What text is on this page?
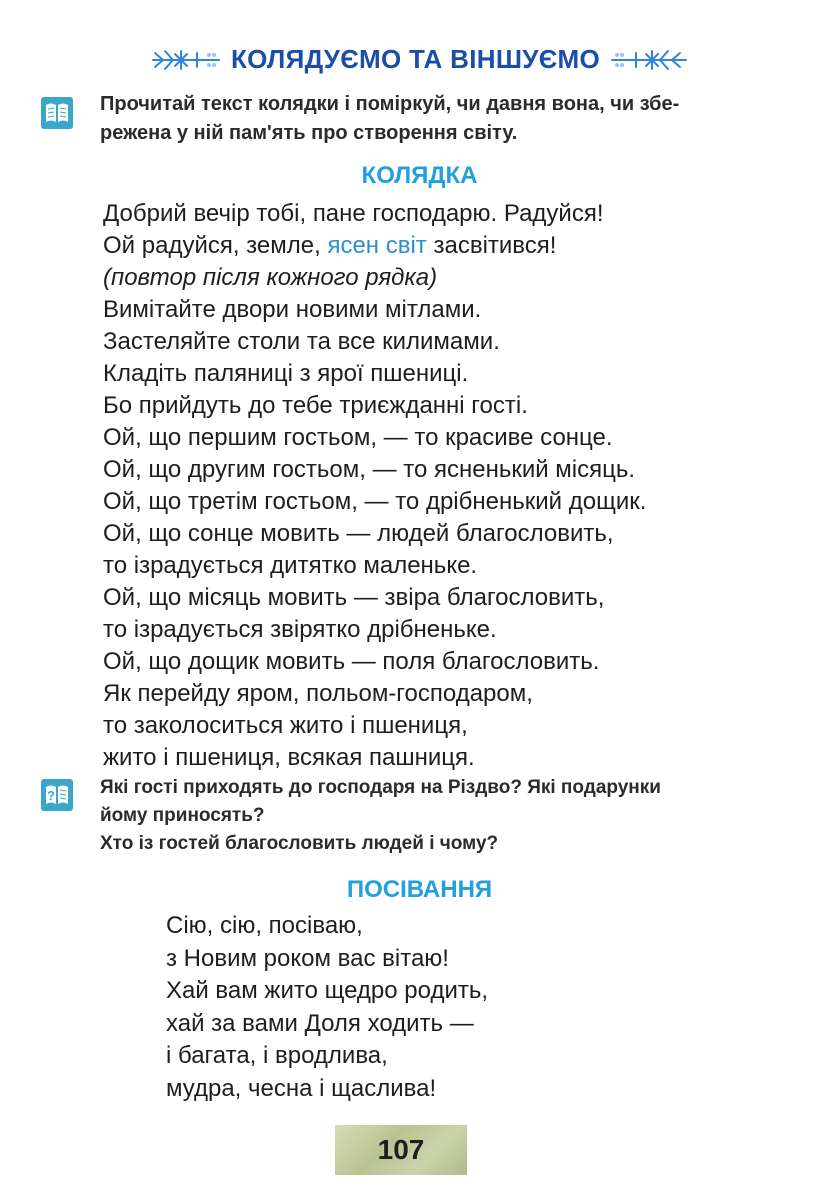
КОЛЯДУЄМО ТА ВІНШУЄМО
Прочитай текст колядки і поміркуй, чи давня вона, чи збе-
режена у ній пам'ять про створення світу.
КОЛЯДКА
Добрий вечір тобі, пане господарю. Радуйся!
Ой радуйся, земле, ясен світ засвітився!
(повтор після кожного рядка)
Вимітайте двори новими мітлами.
Застеляйте столи та все килимами.
Кладіть паляниці з ярої пшениці.
Бо прийдуть до тебе триєжданні гості.
Ой, що першим гостьом, — то красиве сонце.
Ой, що другим гостьом, — то ясненький місяць.
Ой, що третім гостьом, — то дрібненький дощик.
Ой, що сонце мовить — людей благословить,
то ізрадується дитятко маленьке.
Ой, що місяць мовить — звіра благословить,
то ізрадується звірятко дрібненьке.
Ой, що дощик мовить — поля благословить.
Як перейду яром, польом-господаром,
то заколоситься жито і пшениця,
жито і пшениця, всякая пашниця.
? Які гості приходять до господаря на Різдво? Які подарунки
йому приносять?
Хто із гостей благословить людей і чому?
ПОСІВАННЯ
Сію, сію, посіваю,
з Новим роком вас вітаю!
Хай вам жито щедро родить,
хай за вами Доля ходить —
і багата, і вродлива,
мудра, чесна і щаслива!
107
